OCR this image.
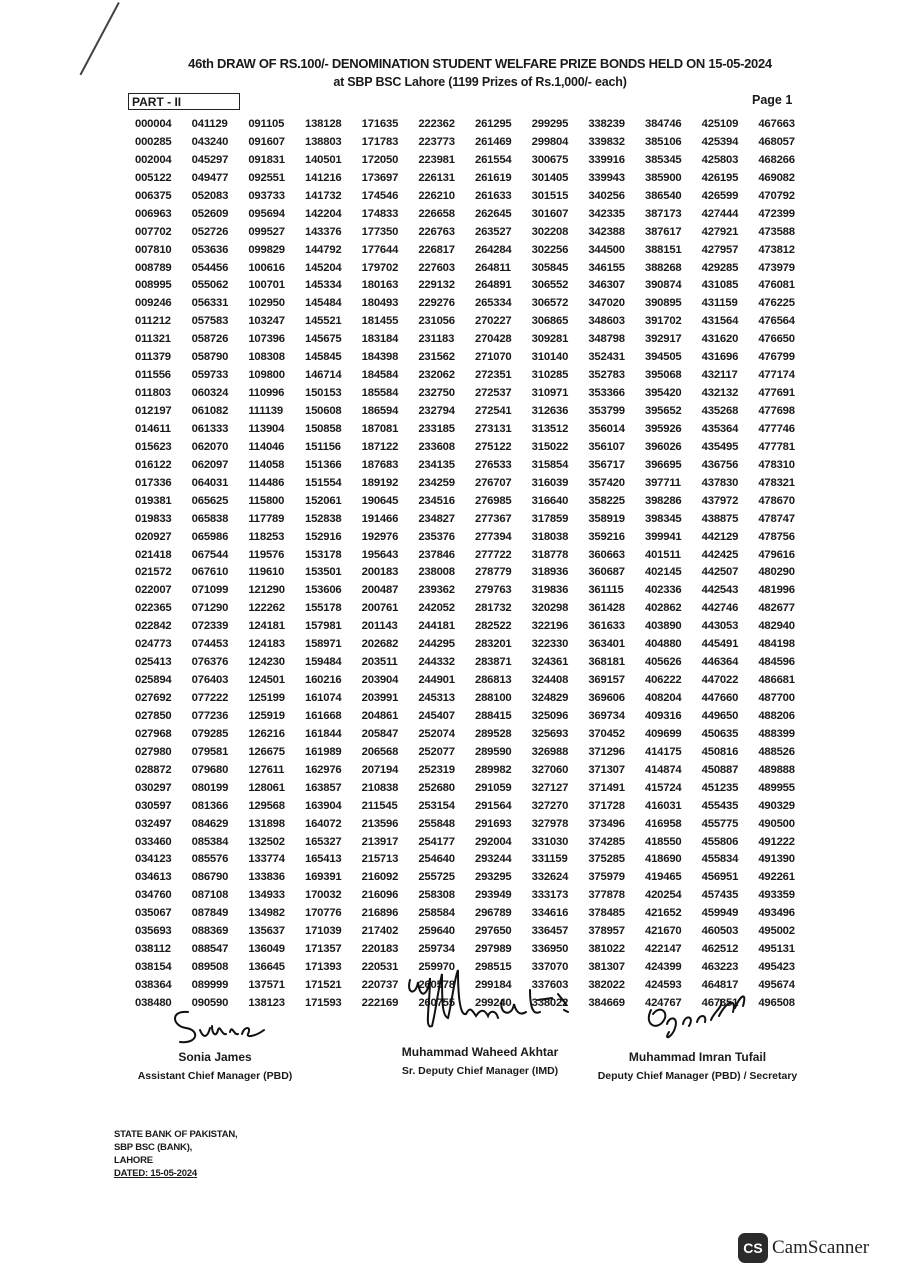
46th DRAW OF RS.100/- DENOMINATION STUDENT WELFARE PRIZE BONDS HELD ON 15-05-2024
at SBP BSC Lahore (1199 Prizes of Rs.1,000/- each)
PART - II	Page 1
000004	041129	091105	138128	171635	222362	261295	299295	338239	384746	425109	467663
000285	043240	091607	138803	171783	223773	261469	299804	339832	385106	425394	468057
002004	045297	091831	140501	172050	223981	261554	300675	339916	385345	425803	468266
005122	049477	092551	141216	173697	226131	261619	301405	339943	385900	426195	469082
006375	052083	093733	141732	174546	226210	261633	301515	340256	386540	426599	470792
006963	052609	095694	142204	174833	226658	262645	301607	342335	387173	427444	472399
007702	052726	099527	143376	177350	226763	263527	302208	342388	387617	427921	473588
007810	053636	099829	144792	177644	226817	264284	302256	344500	388151	427957	473812
008789	054456	100616	145204	179702	227603	264811	305845	346155	388268	429285	473979
008995	055062	100701	145334	180163	229132	264891	306552	346307	390874	431085	476081
009246	056331	102950	145484	180493	229276	265334	306572	347020	390895	431159	476225
011212	057583	103247	145521	181455	231056	270227	306865	348603	391702	431564	476564
011321	058726	107396	145675	183184	231183	270428	309281	348798	392917	431620	476650
011379	058790	108308	145845	184398	231562	271070	310140	352431	394505	431696	476799
011556	059733	109800	146714	184584	232062	272351	310285	352783	395068	432117	477174
011803	060324	110996	150153	185584	232750	272537	310971	353366	395420	432132	477691
012197	061082	111139	150608	186594	232794	272541	312636	353799	395652	435268	477698
014611	061333	113904	150858	187081	233185	273131	313512	356014	395926	435364	477746
015623	062070	114046	151156	187122	233608	275122	315022	356107	396026	435495	477781
016122	062097	114058	151366	187683	234135	276533	315854	356717	396695	436756	478310
017336	064031	114486	151554	189192	234259	276707	316039	357420	397711	437830	478321
019381	065625	115800	152061	190645	234516	276985	316640	358225	398286	437972	478670
019833	065838	117789	152838	191466	234827	277367	317859	358919	398345	438875	478747
020927	065986	118253	152916	192976	235376	277394	318038	359216	399941	442129	478756
021418	067544	119576	153178	195643	237846	277722	318778	360663	401511	442425	479616
021572	067610	119610	153501	200183	238008	278779	318936	360687	402145	442507	480290
022007	071099	121290	153606	200487	239362	279763	319836	361115	402336	442543	481996
022365	071290	122262	155178	200761	242052	281732	320298	361428	402862	442746	482677
022842	072339	124181	157981	201143	244181	282522	322196	361633	403890	443053	482940
024773	074453	124183	158971	202682	244295	283201	322330	363401	404880	445491	484198
025413	076376	124230	159484	203511	244332	283871	324361	368181	405626	446364	484596
025894	076403	124501	160216	203904	244901	286813	324408	369157	406222	447022	486681
027692	077222	125199	161074	203991	245313	288100	324829	369606	408204	447660	487700
027850	077236	125919	161668	204861	245407	288415	325096	369734	409316	449650	488206
027968	079285	126216	161844	205847	252074	289528	325693	370452	409699	450635	488399
027980	079581	126675	161989	206568	252077	289590	326988	371296	414175	450816	488526
028872	079680	127611	162976	207194	252319	289982	327060	371307	414874	450887	489888
030297	080199	128061	163857	210838	252680	291059	327127	371491	415724	451235	489955
030597	081366	129568	163904	211545	253154	291564	327270	371728	416031	455435	490329
032497	084629	131898	164072	213596	255848	291693	327978	373496	416958	455775	490500
033460	085384	132502	165327	213917	254177	292004	331030	374285	418550	455806	491222
034123	085576	133774	165413	215713	254640	293244	331159	375285	418690	455834	491390
034613	086790	133836	169391	216092	255725	293295	332624	375979	419465	456951	492261
034760	087108	134933	170032	216096	258308	293949	333173	377878	420254	457435	493359
035067	087849	134982	170776	216896	258584	296789	334616	378485	421652	459949	493496
035693	088369	135637	171039	217402	259640	297650	336457	378957	421670	460503	495002
038112	088547	136049	171357	220183	259734	297989	336950	381022	422147	462512	495131
038154	089508	136645	171393	220531	259970	298515	337070	381307	424399	463223	495423
038364	089999	137571	171521	220737	260578	299184	337603	382022	424593	464817	495674
038480	090590	138123	171593	222169	260755	299240	338022	384669	424767	467351	496508
Sonia James
Assistant Chief Manager (PBD)
Muhammad Waheed Akhtar
Sr. Deputy Chief Manager (IMD)
Muhammad Imran Tufail
Deputy Chief Manager (PBD) / Secretary
STATE BANK OF PAKISTAN,
SBP BSC (BANK),
LAHORE
DATED: 15-05-2024
CS CamScanner
